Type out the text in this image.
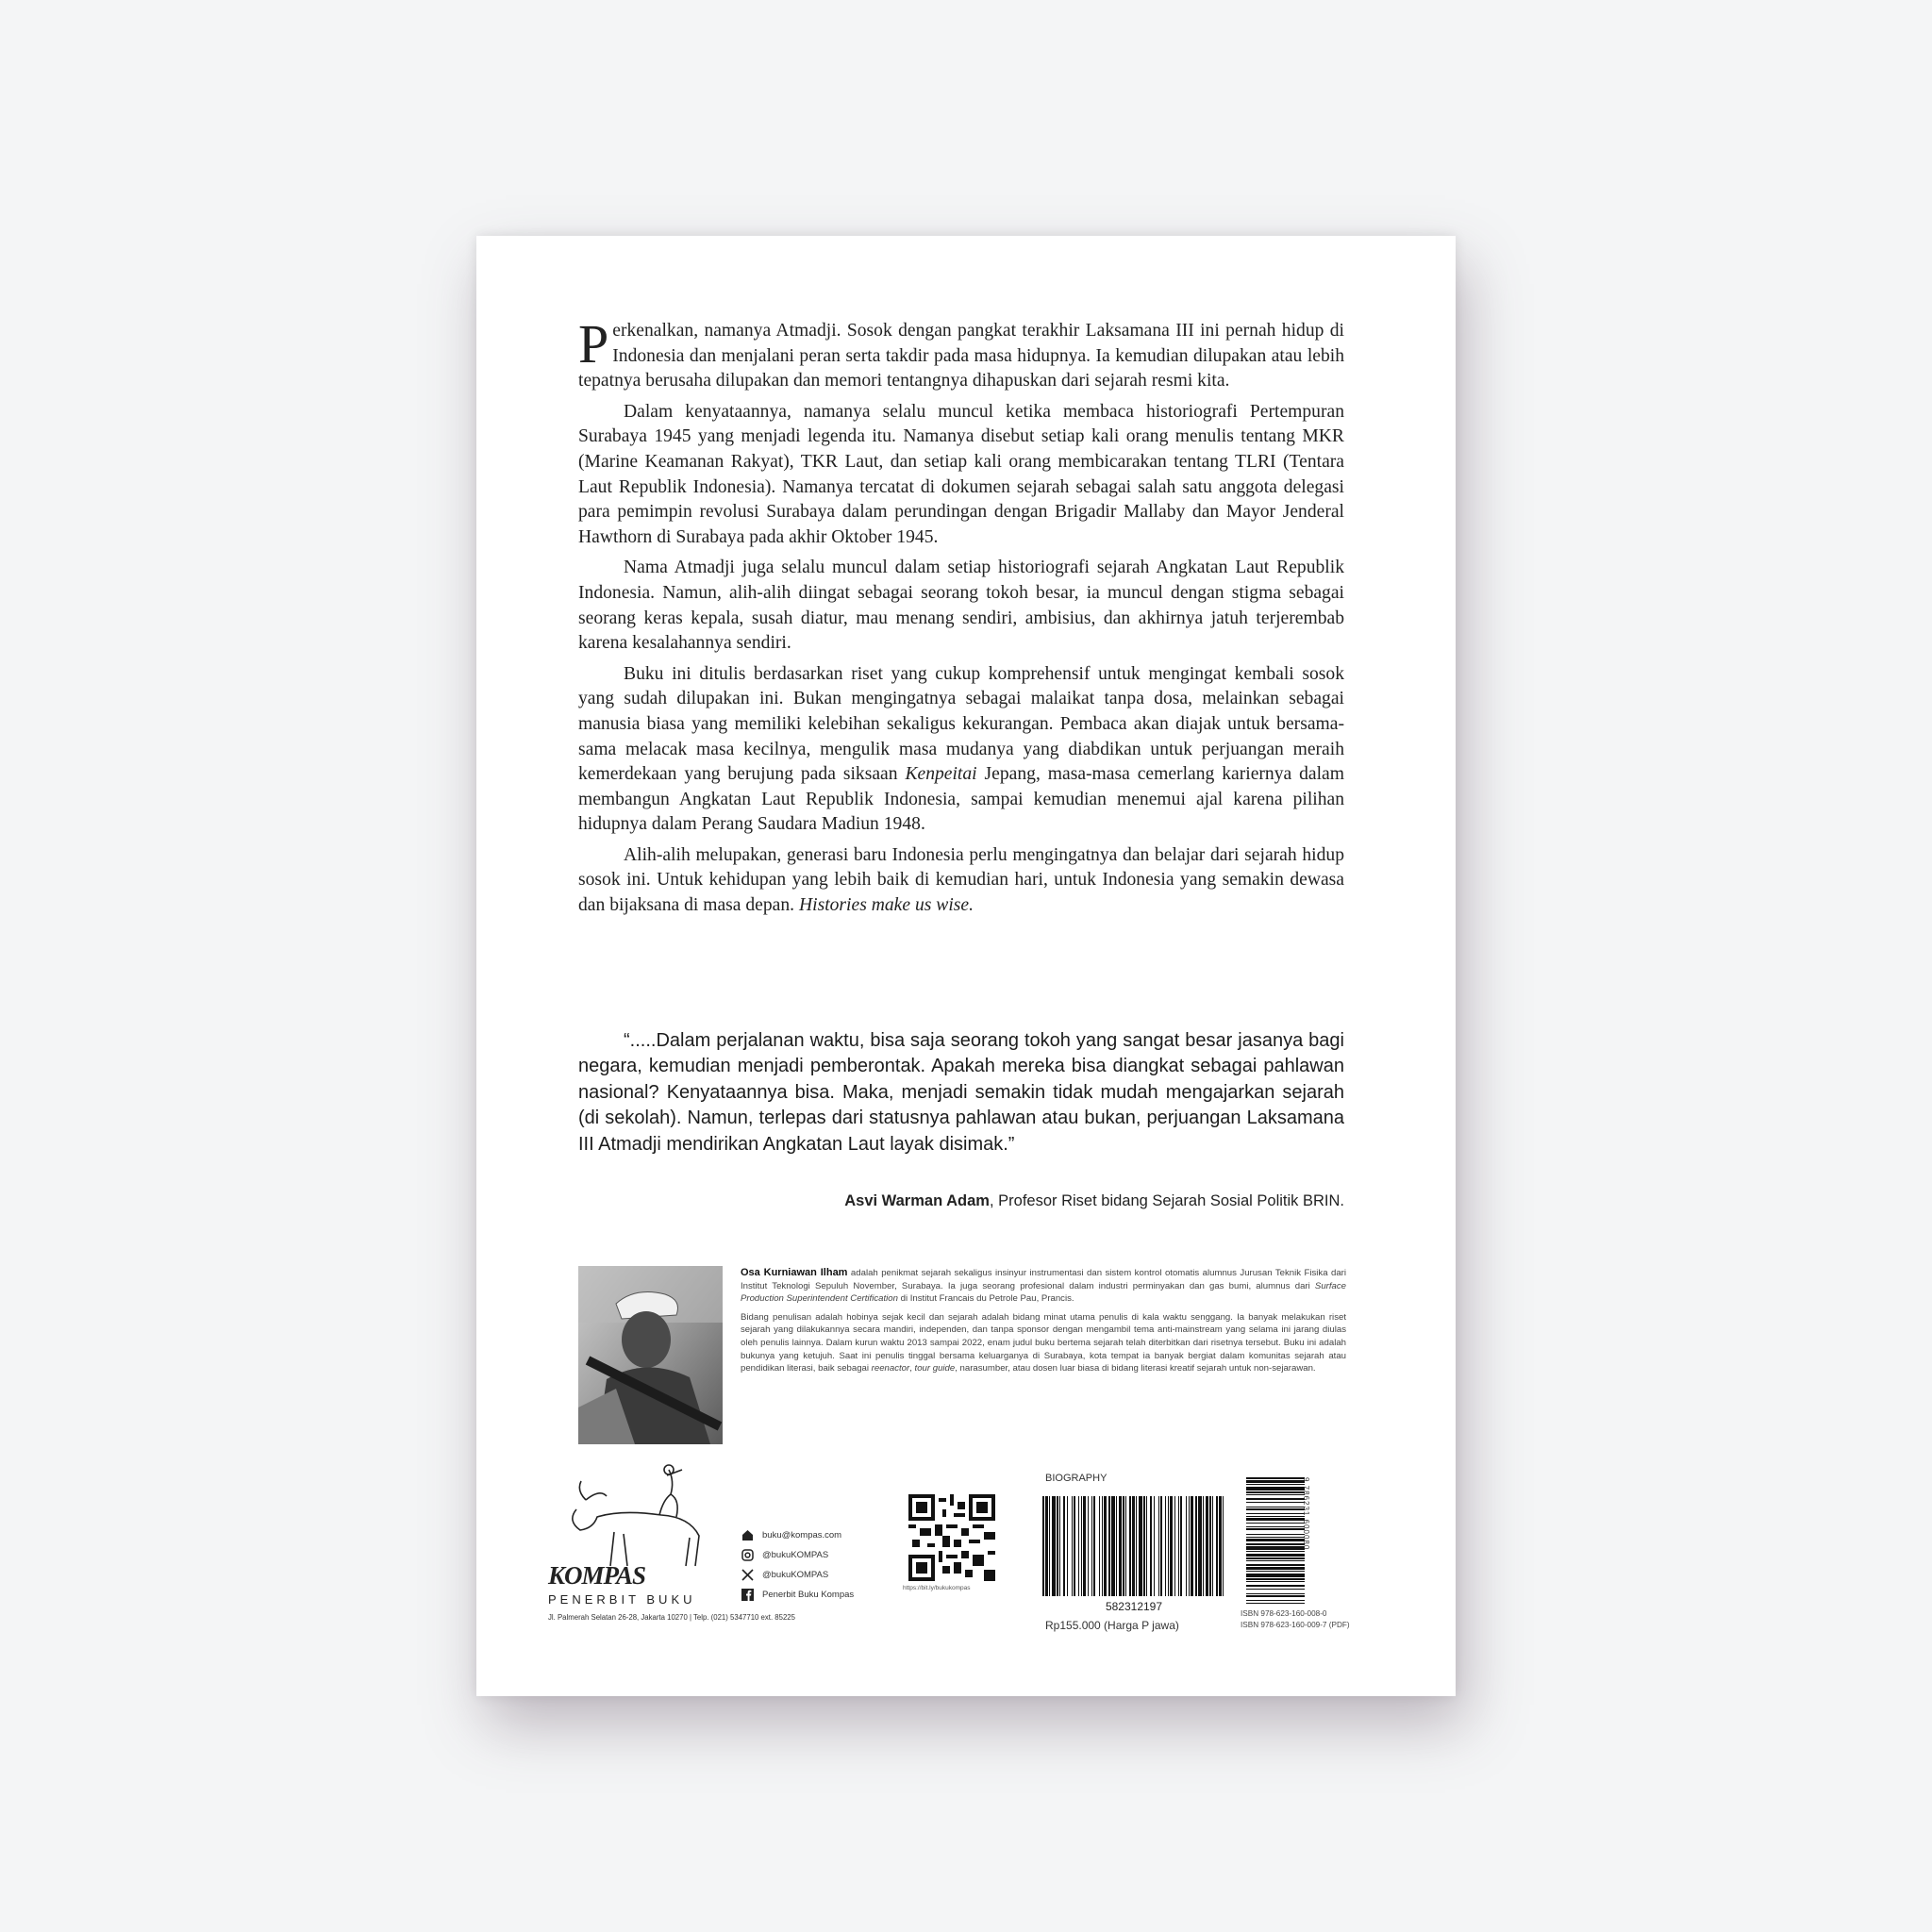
Perkenalkan, namanya Atmadji. Sosok dengan pangkat terakhir Laksamana III ini pernah hidup di Indonesia dan menjalani peran serta takdir pada masa hidupnya. Ia kemudian dilupakan atau lebih tepatnya berusaha dilupakan dan memori tentangnya dihapuskan dari sejarah resmi kita.

Dalam kenyataannya, namanya selalu muncul ketika membaca historiografi Pertempuran Surabaya 1945 yang menjadi legenda itu. Namanya disebut setiap kali orang menulis tentang MKR (Marine Keamanan Rakyat), TKR Laut, dan setiap kali orang membicarakan tentang TLRI (Tentara Laut Republik Indonesia). Namanya tercatat di dokumen sejarah sebagai salah satu anggota delegasi para pemimpin revolusi Surabaya dalam perundingan dengan Brigadir Mallaby dan Mayor Jenderal Hawthorn di Surabaya pada akhir Oktober 1945.

Nama Atmadji juga selalu muncul dalam setiap historiografi sejarah Angkatan Laut Republik Indonesia. Namun, alih-alih diingat sebagai seorang tokoh besar, ia muncul dengan stigma sebagai seorang keras kepala, susah diatur, mau menang sendiri, ambisius, dan akhirnya jatuh terjerembab karena kesalahannya sendiri.

Buku ini ditulis berdasarkan riset yang cukup komprehensif untuk mengingat kembali sosok yang sudah dilupakan ini. Bukan mengingatnya sebagai malaikat tanpa dosa, melainkan sebagai manusia biasa yang memiliki kelebihan sekaligus kekurangan. Pembaca akan diajak untuk bersama-sama melacak masa kecilnya, mengulik masa mudanya yang diabdikan untuk perjuangan meraih kemerdekaan yang berujung pada siksaan Kenpeitai Jepang, masa-masa cemerlang kariernya dalam membangun Angkatan Laut Republik Indonesia, sampai kemudian menemui ajal karena pilihan hidupnya dalam Perang Saudara Madiun 1948.

Alih-alih melupakan, generasi baru Indonesia perlu mengingatnya dan belajar dari sejarah hidup sosok ini. Untuk kehidupan yang lebih baik di kemudian hari, untuk Indonesia yang semakin dewasa dan bijaksana di masa depan. Histories make us wise.

“.....Dalam perjalanan waktu, bisa saja seorang tokoh yang sangat besar jasanya bagi negara, kemudian menjadi pemberontak. Apakah mereka bisa diangkat sebagai pahlawan nasional? Kenyataannya bisa. Maka, menjadi semakin tidak mudah mengajarkan sejarah (di sekolah). Namun, terlepas dari statusnya pahlawan atau bukan, perjuangan Laksamana III Atmadji mendirikan Angkatan Laut layak disimak.”

Asvi Warman Adam, Profesor Riset bidang Sejarah Sosial Politik BRIN.

Osa Kurniawan Ilham adalah penikmat sejarah sekaligus insinyur instrumentasi dan sistem kontrol otomatis alumnus Jurusan Teknik Fisika dari Institut Teknologi Sepuluh November, Surabaya. Ia juga seorang profesional dalam industri perminyakan dan gas bumi, alumnus dari Surface Production Superintendent Certification di Institut Francais du Petrole Pau, Prancis.

Bidang penulisan adalah hobinya sejak kecil dan sejarah adalah bidang minat utama penulis di kala waktu senggang. Ia banyak melakukan riset sejarah yang dilakukannya secara mandiri, independen, dan tanpa sponsor dengan mengambil tema anti-mainstream yang selama ini jarang diulas oleh penulis lainnya. Dalam kurun waktu 2013 sampai 2022, enam judul buku bertema sejarah telah diterbitkan dari risetnya tersebut. Buku ini adalah bukunya yang ketujuh. Saat ini penulis tinggal bersama keluarganya di Surabaya, kota tempat ia banyak bergiat dalam komunitas sejarah atau pendidikan literasi, baik sebagai reenactor, tour guide, narasumber, atau dosen luar biasa di bidang literasi kreatif sejarah untuk non-sejarawan.

KOMPAS
PENERBIT BUKU
Jl. Palmerah Selatan 26-28, Jakarta 10270 | Telp. (021) 5347710 ext. 85225
buku@kompas.com
@bukuKOMPAS
@bukuKOMPAS
Penerbit Buku Kompas
https://bit.ly/bukukompas
BIOGRAPHY
582312197
Rp155.000 (Harga P jawa)
9 786231 600080
ISBN 978-623-160-008-0
ISBN 978-623-160-009-7 (PDF)
